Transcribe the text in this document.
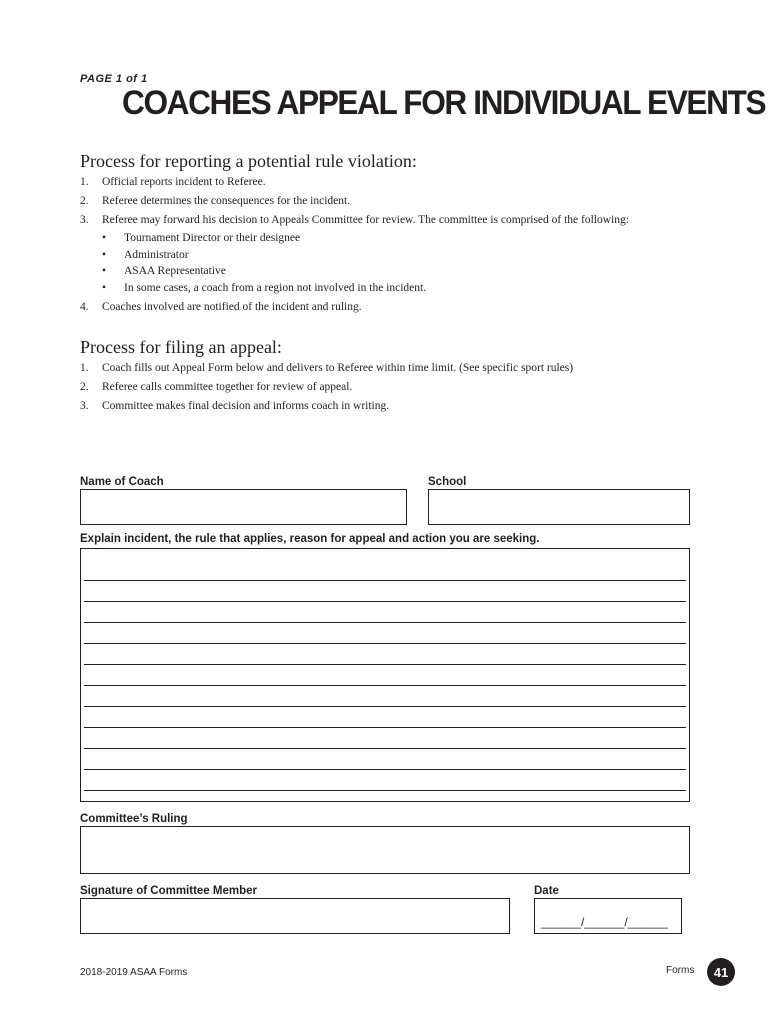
PAGE 1 of 1
COACHES APPEAL FOR INDIVIDUAL EVENTS
Process for reporting a potential rule violation:
1.	Official reports incident to Referee.
2.	Referee determines the consequences for the incident.
3.	Referee may forward his decision to Appeals Committee for review. The committee is comprised of the following:
• Tournament Director or their designee
• Administrator
• ASAA Representative
• In some cases, a coach from a region not involved in the incident.
4.	Coaches involved are notified of the incident and ruling.
Process for filing an appeal:
1.	Coach fills out Appeal Form below and delivers to Referee within time limit. (See specific sport rules)
2.	Referee calls committee together for review of appeal.
3.	Committee makes final decision and informs coach in writing.
Name of Coach	School
Explain incident, the rule that applies, reason for appeal and action you are seeking.
Committee’s Ruling
Signature of Committee Member	Date
______/______/______
2018-2019 ASAA Forms	Forms	41
